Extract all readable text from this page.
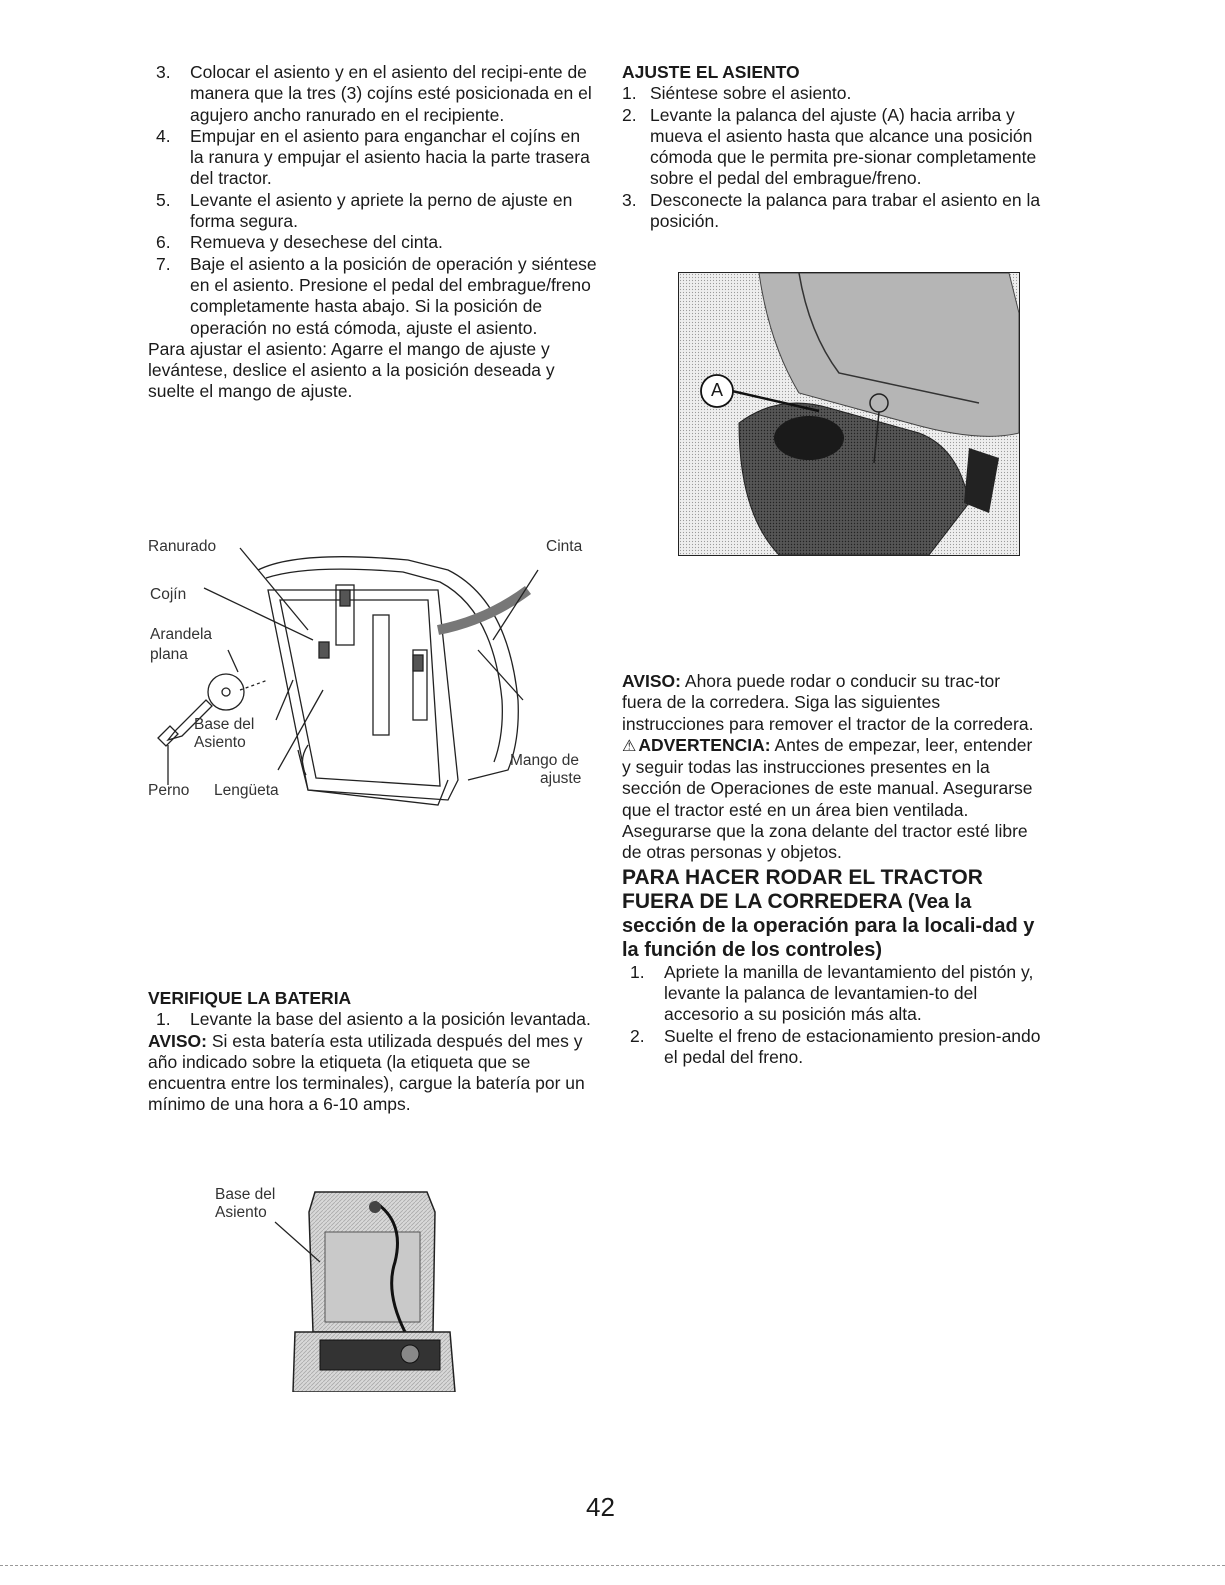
3. Colocar el asiento y en el asiento del recipi-ente de manera que la tres (3) cojíns esté posicionada en el agujero ancho ranurado en el recipiente.
4. Empujar en el asiento para enganchar el cojíns en la ranura y empujar el asiento hacia la parte trasera del tractor.
5. Levante el asiento y apriete la perno de ajuste en forma segura.
6. Remueva y desechese del cinta.
7. Baje el asiento a la posición de operación y siéntese en el asiento. Presione el pedal del embrague/freno completamente hasta abajo. Si la posición de operación no está cómoda, ajuste el asiento.

Para ajustar el asiento: Agarre el mango de ajuste y levántese, deslice el asiento a la posición deseada y suelte el mango de ajuste.

Ranurado	Cinta
Cojín
Arandela
plana
Base del
Asiento
Perno Lengüeta
Mango de
ajuste

VERIFIQUE LA BATERIA

1. Levante la base del asiento a la posición levantada.

AVISO: Si esta batería esta utilizada después del mes y año indicado sobre la etiqueta (la etiqueta que se encuentra entre los terminales), cargue la batería por un mínimo de una hora a 6-10 amps.

Base del
Asiento

AJUSTE EL ASIENTO

1. Siéntese sobre el asiento.
2. Levante la palanca del ajuste (A) hacia arriba y mueva el asiento hasta que alcance una posición cómoda que le permita pre-sionar completamente sobre el pedal del embrague/freno.
3. Desconecte la palanca para trabar el asiento en la posición.
A

AVISO: Ahora puede rodar o conducir su trac-tor fuera de la corredera. Siga las siguientes instrucciones para remover el tractor de la corredera.

⚠ ADVERTENCIA: Antes de empezar, leer, entender y seguir todas las instrucciones presentes en la sección de Operaciones de este manual. Asegurarse que el tractor esté en un área bien ventilada. Asegurarse que la zona delante del tractor esté libre de otras personas y objetos.

PARA HACER RODAR EL TRACTOR FUERA DE LA CORREDERA (Vea la sección de la operación para la locali-dad y la función de los controles)

1. Apriete la manilla de levantamiento del pistón y, levante la palanca de levantamien-to del accesorio a su posición más alta.
2. Suelte el freno de estacionamiento presion-ando el pedal del freno.
42
